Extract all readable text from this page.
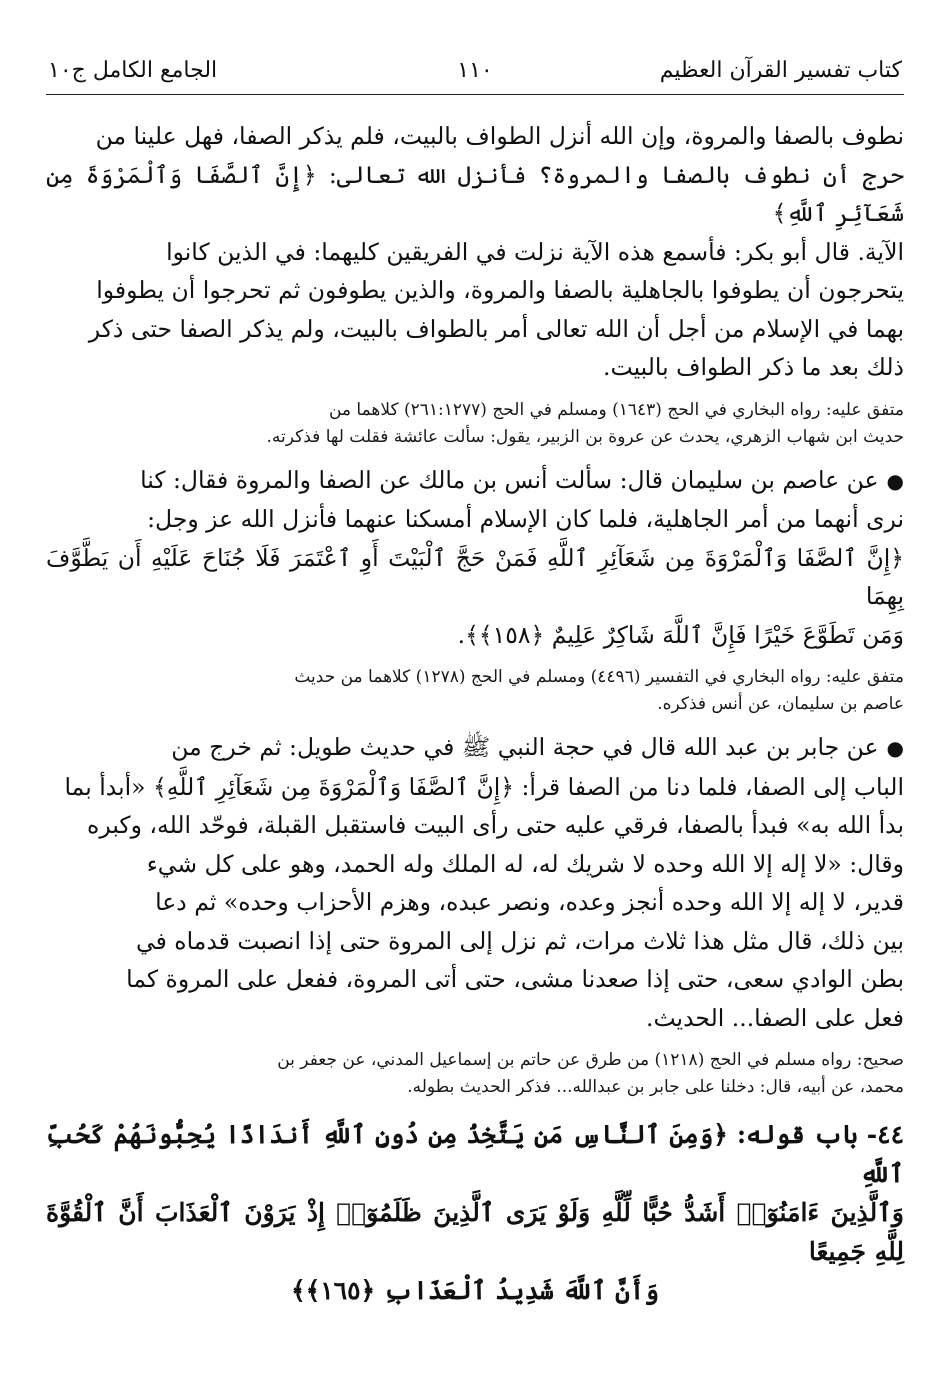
كتاب تفسير القرآن العظيم
١١٠
الجامع الكامل ج١٠

نطوف بالصفا والمروة، وإن الله أنزل الطواف بالبيت، فلم يذكر الصفا، فهل علينا من
حرج أن نطوف بالصفا والمروة؟ فأنزل الله تعالى: ﴿إِنَّ ٱلصَّفَا وَٱلْمَرْوَةَ مِن شَعَآئِرِ ٱللَّهِ﴾
الآية. قال أبو بكر: فأسمع هذه الآية نزلت في الفريقين كليهما: في الذين كانوا
يتحرجون أن يطوفوا بالجاهلية بالصفا والمروة، والذين يطوفون ثم تحرجوا أن يطوفوا
بهما في الإسلام من أجل أن الله تعالى أمر بالطواف بالبيت، ولم يذكر الصفا حتى ذكر
ذلك بعد ما ذكر الطواف بالبيت.

متفق عليه: رواه البخاري في الحج (١٦٤٣) ومسلم في الحج (٢٦١:١٢٧٧) كلاهما من
حديث ابن شهاب الزهري، يحدث عن عروة بن الزبير، يقول: سألت عائشة فقلت لها فذكرته.

●عن عاصم بن سليمان قال: سألت أنس بن مالك عن الصفا والمروة فقال: كنا
نرى أنهما من أمر الجاهلية، فلما كان الإسلام أمسكنا عنهما فأنزل الله عز وجل:
﴿إِنَّ ٱلصَّفَا وَٱلْمَرْوَةَ مِن شَعَآئِرِ ٱللَّهِ فَمَنْ حَجَّ ٱلْبَيْتَ أَوِ ٱعْتَمَرَ فَلَا جُنَاحَ عَلَيْهِ أَن يَطَّوَّفَ بِهِمَا
وَمَن تَطَوَّعَ خَيْرًا فَإِنَّ ٱللَّهَ شَاكِرٌ عَلِيمٌ ﴿١٥٨﴾﴾.

متفق عليه: رواه البخاري في التفسير (٤٤٩٦) ومسلم في الحج (١٢٧٨) كلاهما من حديث
عاصم بن سليمان، عن أنس فذكره.

●عن جابر بن عبد الله قال في حجة النبي ﷺ في حديث طويل: ثم خرج من
الباب إلى الصفا، فلما دنا من الصفا قرأ: ﴿إِنَّ ٱلصَّفَا وَٱلْمَرْوَةَ مِن شَعَآئِرِ ٱللَّهِ﴾ «أبدأ بما
بدأ الله به» فبدأ بالصفا، فرقي عليه حتى رأى البيت فاستقبل القبلة، فوحّد الله، وكبره
وقال: «لا إله إلا الله وحده لا شريك له، له الملك وله الحمد، وهو على كل شيء
قدير، لا إله إلا الله وحده أنجز وعده، ونصر عبده، وهزم الأحزاب وحده» ثم دعا
بين ذلك، قال مثل هذا ثلاث مرات، ثم نزل إلى المروة حتى إذا انصبت قدماه في
بطن الوادي سعى، حتى إذا صعدنا مشى، حتى أتى المروة، ففعل على المروة كما
فعل على الصفا... الحديث.

صحيح: رواه مسلم في الحج (١٢١٨) من طرق عن حاتم بن إسماعيل المدني، عن جعفر بن
محمد، عن أبيه، قال: دخلنا على جابر بن عبدالله... فذكر الحديث بطوله.

٤٤- باب قوله: ﴿وَمِنَ ٱلنَّاسِ مَن يَتَّخِذُ مِن دُونِ ٱللَّهِ أَندَادًا يُحِبُّونَهُمْ كَحُبِّ ٱللَّهِ
وَٱلَّذِينَ ءَامَنُوٓا۟ أَشَدُّ حُبًّا لِّلَّهِ وَلَوْ يَرَى ٱلَّذِينَ ظَلَمُوٓا۟ إِذْ يَرَوْنَ ٱلْعَذَابَ أَنَّ ٱلْقُوَّةَ لِلَّهِ جَمِيعًا
وَأَنَّ ٱللَّهَ شَدِيدُ ٱلْعَذَابِ ﴿١٦٥﴾﴾
